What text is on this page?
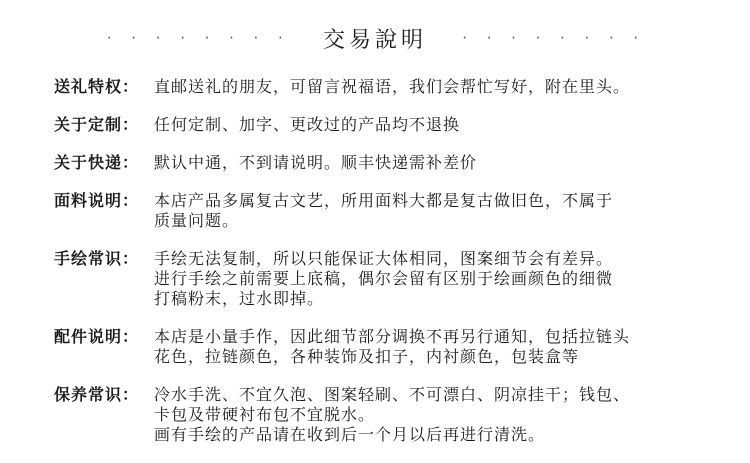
· · · · · · · · 交易說明	· · · · · · · ·
送礼特权： 直邮送礼的朋友，可留言祝福语，我们会帮忙写好，附在里头。
关于定制： 任何定制、加字、更改过的产品均不退换
关于快递： 默认中通，不到请说明。顺丰快递需补差价
面料说明： 本店产品多属复古文艺，所用面料大都是复古做旧色，不属于
质量问题。
手绘常识： 手绘无法复制，所以只能保证大体相同，图案细节会有差异。
进行手绘之前需要上底稿，偶尔会留有区别于绘画颜色的细微
打稿粉末，过水即掉。
配件说明： 本店是小量手作，因此细节部分调换不再另行通知，包括拉链头
花色，拉链颜色，各种装饰及扣子，内衬颜色，包装盒等
保养常识： 冷水手洗、不宜久泡、图案轻刷、不可漂白、阴凉挂干；钱包、
卡包及带硬衬布包不宜脱水。
画有手绘的产品请在收到后一个月以后再进行清洗。
